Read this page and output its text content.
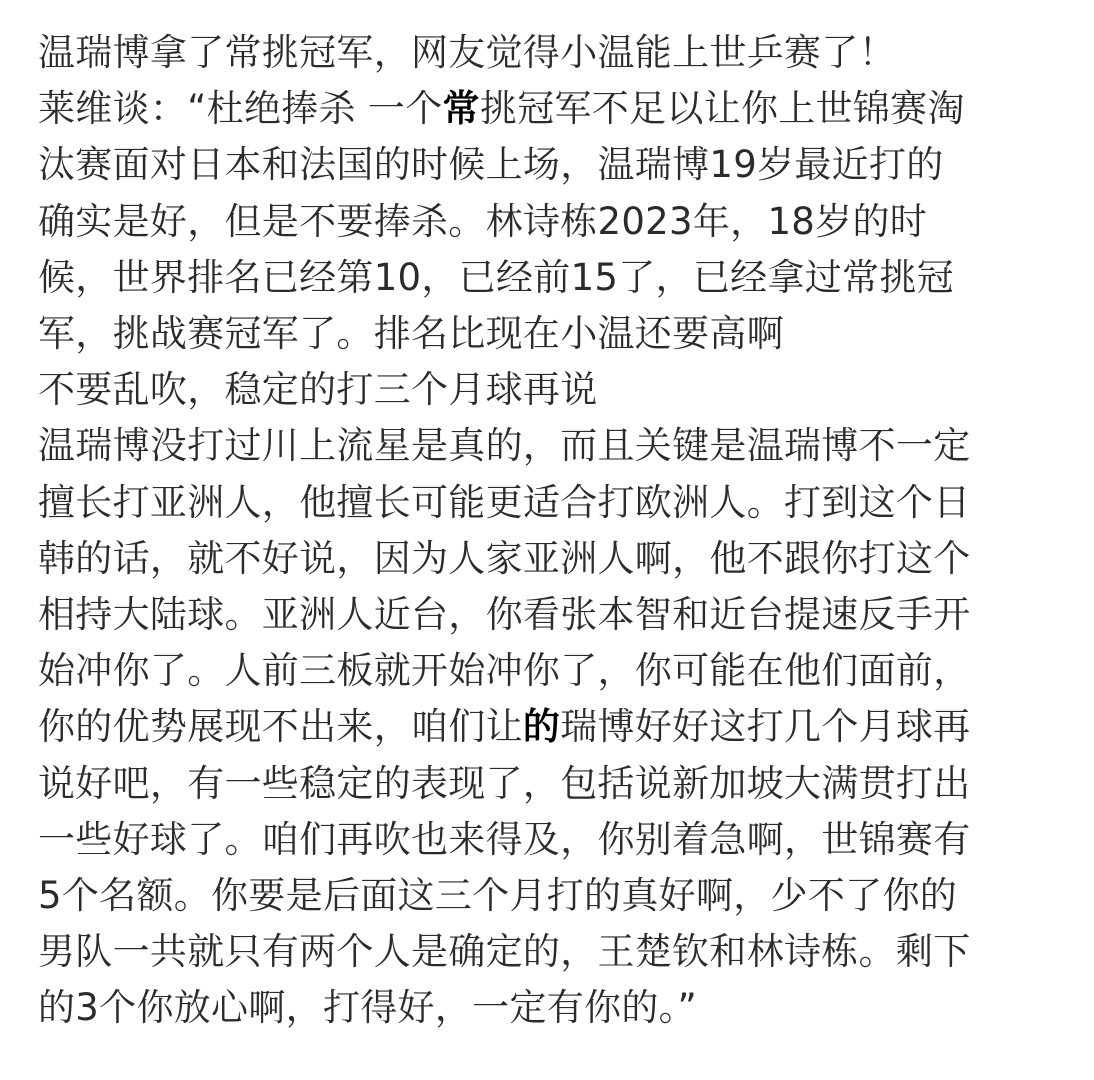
温瑞博拿了常挑冠军，网友觉得小温能上世乒赛了！
莱维谈：“杜绝捧杀 一个常挑冠军不足以让你上世锦赛淘
汰赛面对日本和法国的时候上场，温瑞博19岁最近打的
确实是好，但是不要捧杀。林诗栋2023年，18岁的时
候，世界排名已经第10，已经前15了，已经拿过常挑冠
军，挑战赛冠军了。排名比现在小温还要高啊
不要乱吹，稳定的打三个月球再说
温瑞博没打过川上流星是真的，而且关键是温瑞博不一定
擅长打亚洲人，他擅长可能更适合打欧洲人。打到这个日
韩的话，就不好说，因为人家亚洲人啊，他不跟你打这个
相持大陆球。亚洲人近台，你看张本智和近台提速反手开
始冲你了。人前三板就开始冲你了，你可能在他们面前，
你的优势展现不出来，咱们让的瑞博好好这打几个月球再
说好吧，有一些稳定的表现了，包括说新加坡大满贯打出
一些好球了。咱们再吹也来得及，你别着急啊，世锦赛有
5个名额。你要是后面这三个月打的真好啊，少不了你的
男队一共就只有两个人是确定的，王楚钦和林诗栋。剩下
的3个你放心啊，打得好，一定有你的。”
